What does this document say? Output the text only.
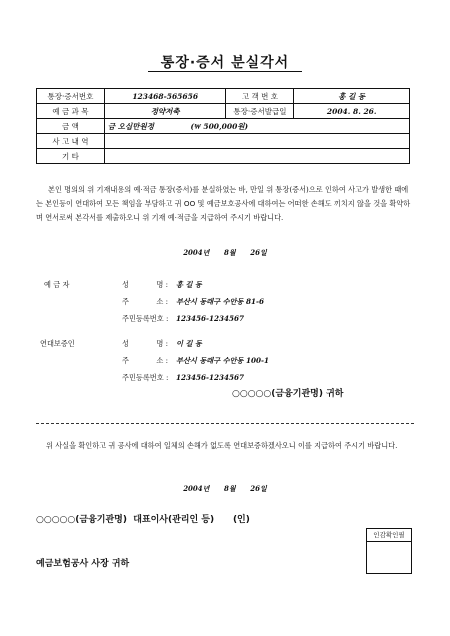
통장·증서 분실각서
통장·증서번호	123468-565656	고 객 번 호	홍 길 동
예 금 과 목	정약저축	통장·증서발급일	2004. 8. 26.
금 액	금 오십만원정              (₩ 500,000원)		
사 고 내 역			
기 타			
본인 명의의 위 기재내용의 예·적금 통장(증서)를 분실하였는 바, 만일 위 통장(증서)으로 인하여 사고가 발생한 때에는 본인등이 연대하여 모든 책임을 부담하고 귀 OO 및 예금보호공사에 대하여는 어떠한 손해도 끼치지 않을 것을 확약하며 연서로써 본각서를 제출하오니 위 기재 예·적금을 지급하여 주시기 바랍니다.
2004년      8월      26일
예 금 자	성            명 : 홍 길 동
주            소 : 부산시 동래구 수안동 81-6
주민등록번호 : 123456-1234567
연대보증인	성            명 : 이 길 동
주            소 : 부산시 동래구 수안동 100-1
주민등록번호 : 123456-1234567
○○○○○(금융기관명) 귀하
위 사실을 확인하고 귀 공사에 대하여 일체의 손해가 없도록 연대보증하겠사오니 이를 지급하여 주시기 바랍니다.
2004년      8월      26일
○○○○○(금융기관명)  대표이사(관리인 등)      (인)
인감확인필
예금보험공사 사장 귀하
